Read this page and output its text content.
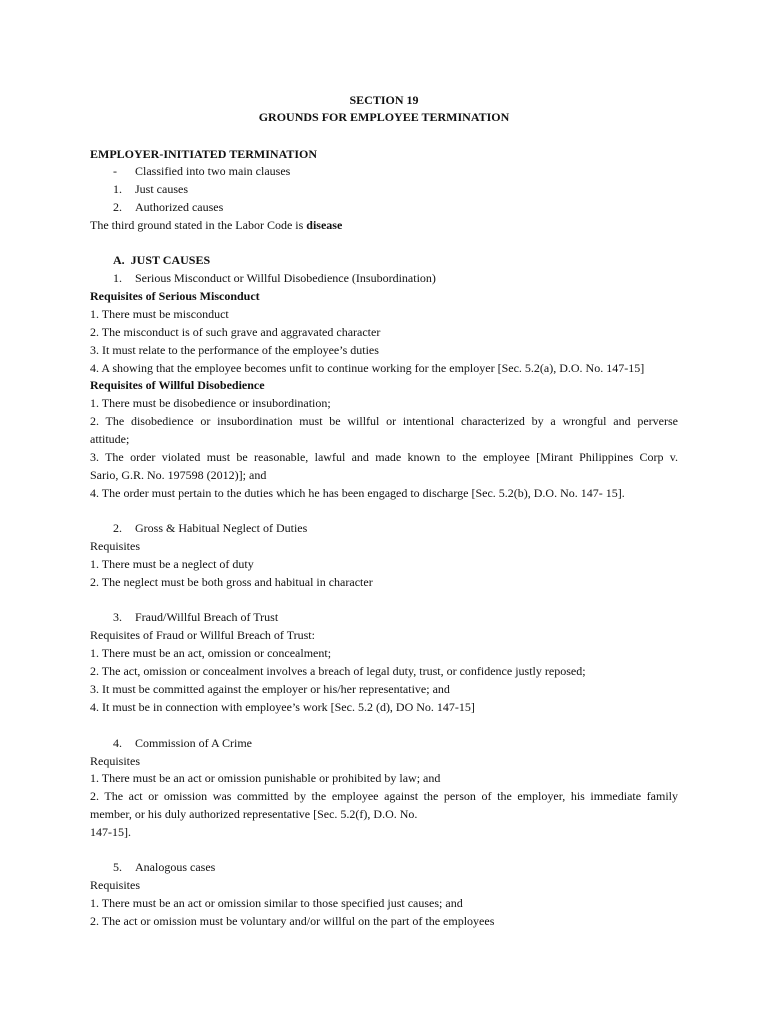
SECTION 19
GROUNDS FOR EMPLOYEE TERMINATION
EMPLOYER-INITIATED TERMINATION
- Classified into two main clauses
1. Just causes
2. Authorized causes
The third ground stated in the Labor Code is disease
A.  JUST CAUSES
1. Serious Misconduct or Willful Disobedience (Insubordination)
Requisites of Serious Misconduct
1. There must be misconduct
2. The misconduct is of such grave and aggravated character
3. It must relate to the performance of the employee’s duties
4. A showing that the employee becomes unfit to continue working for the employer [Sec. 5.2(a), D.O. No. 147-15]
Requisites of Willful Disobedience
1. There must be disobedience or insubordination;
2. The disobedience or insubordination must be willful or intentional characterized by a wrongful and perverse
attitude;
3. The order violated must be reasonable, lawful and made known to the employee [Mirant Philippines Corp v.
Sario, G.R. No. 197598 (2012)]; and
4. The order must pertain to the duties which he has been engaged to discharge [Sec. 5.2(b), D.O. No. 147- 15].
2. Gross & Habitual Neglect of Duties
Requisites
1. There must be a neglect of duty
2. The neglect must be both gross and habitual in character
3. Fraud/Willful Breach of Trust
Requisites of Fraud or Willful Breach of Trust:
1. There must be an act, omission or concealment;
2. The act, omission or concealment involves a breach of legal duty, trust, or confidence justly reposed;
3. It must be committed against the employer or his/her representative; and
4. It must be in connection with employee’s work [Sec. 5.2 (d), DO No. 147-15]
4. Commission of A Crime
Requisites
1. There must be an act or omission punishable or prohibited by law; and
2. The act or omission was committed by the employee against the person of the employer, his immediate family
member, or his duly authorized representative [Sec. 5.2(f), D.O. No.
147-15].
5. Analogous cases
Requisites
1. There must be an act or omission similar to those specified just causes; and
2. The act or omission must be voluntary and/or willful on the part of the employees
